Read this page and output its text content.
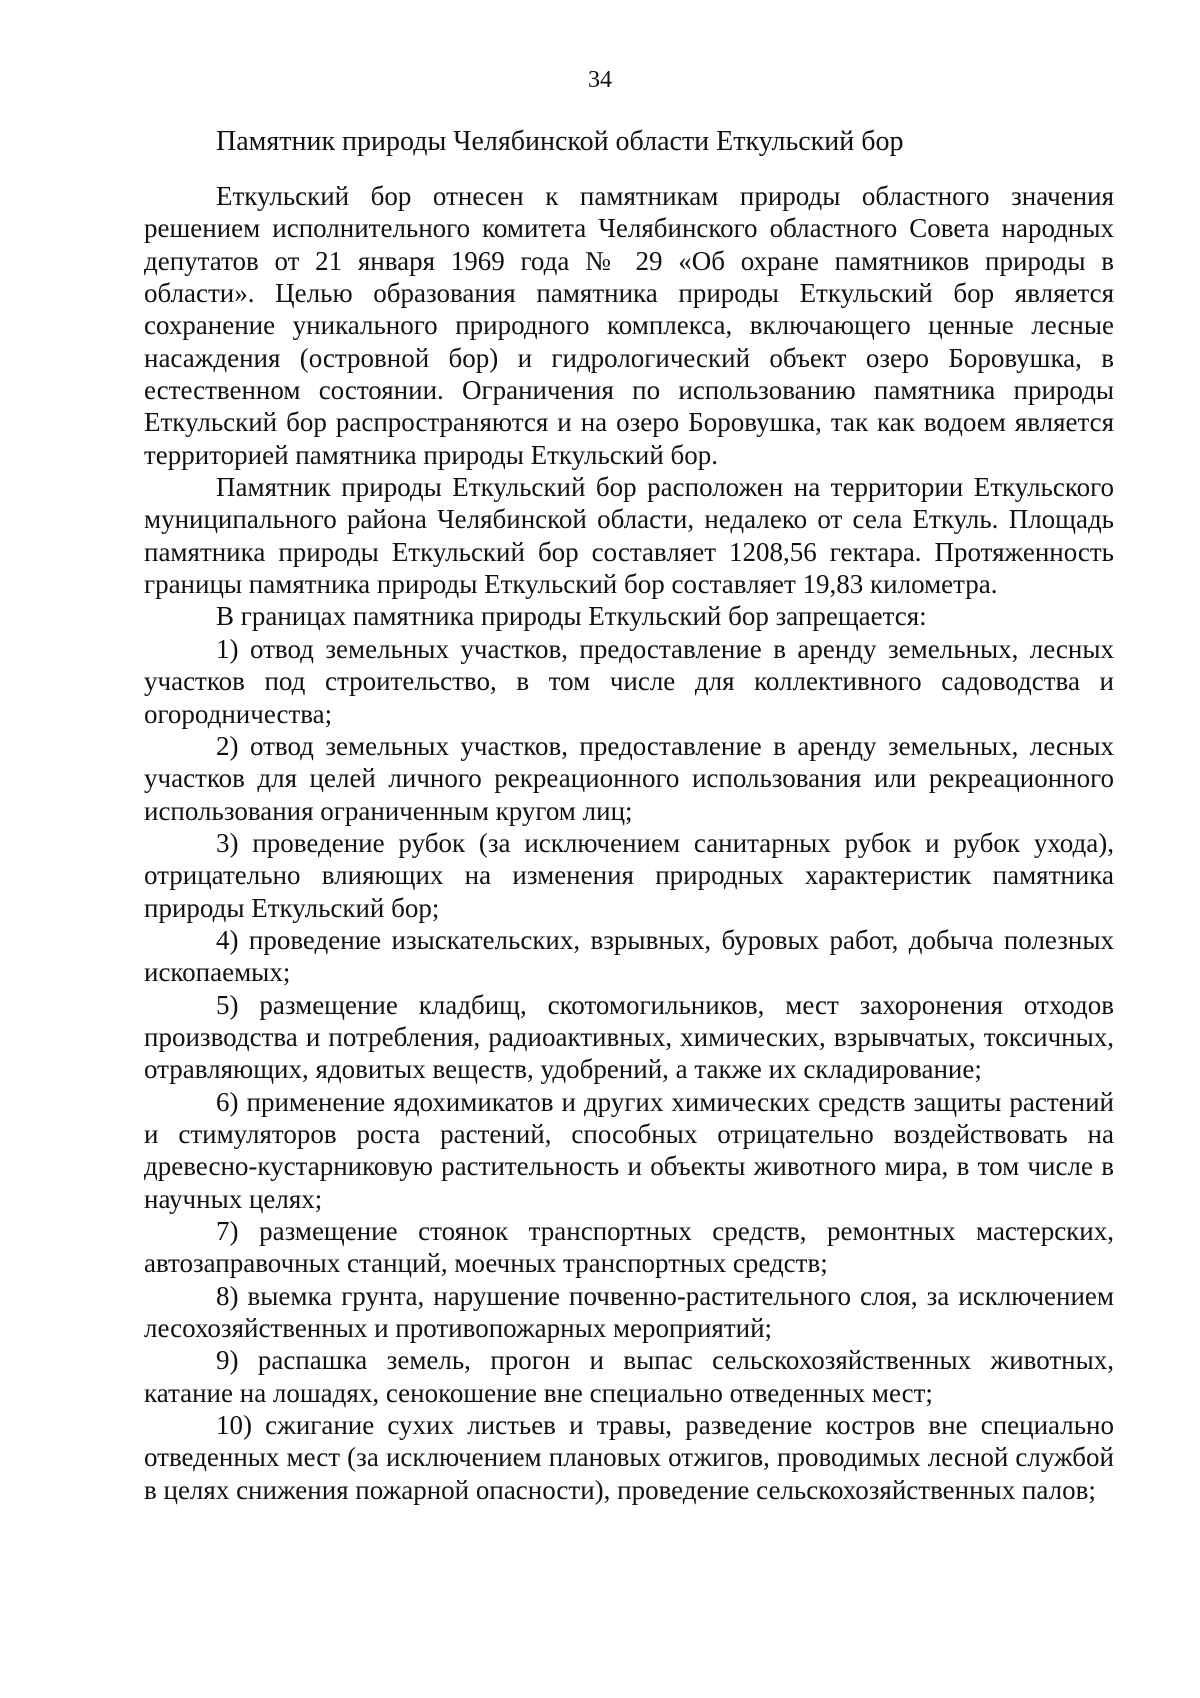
34
Памятник природы Челябинской области Еткульский бор

Еткульский бор отнесен к памятникам природы областного значения решением исполнительного комитета Челябинского областного Совета народных депутатов от 21 января 1969 года № 29 «Об охране памятников природы в области». Целью образования памятника природы Еткульский бор является сохранение уникального природного комплекса, включающего ценные лесные насаждения (островной бор) и гидрологический объект озеро Боровушка, в естественном состоянии. Ограничения по использованию памятника природы Еткульский бор распространяются и на озеро Боровушка, так как водоем является территорией памятника природы Еткульский бор.

Памятник природы Еткульский бор расположен на территории Еткульского муниципального района Челябинской области, недалеко от села Еткуль. Площадь памятника природы Еткульский бор составляет 1208,56 гектара. Протяженность границы памятника природы Еткульский бор составляет 19,83 километра.

В границах памятника природы Еткульский бор запрещается:

1) отвод земельных участков, предоставление в аренду земельных, лесных участков под строительство, в том числе для коллективного садоводства и огородничества;

2) отвод земельных участков, предоставление в аренду земельных, лесных участков для целей личного рекреационного использования или рекреационного использования ограниченным кругом лиц;

3) проведение рубок (за исключением санитарных рубок и рубок ухода), отрицательно влияющих на изменения природных характеристик памятника природы Еткульский бор;

4) проведение изыскательских, взрывных, буровых работ, добыча полезных ископаемых;

5) размещение кладбищ, скотомогильников, мест захоронения отходов производства и потребления, радиоактивных, химических, взрывчатых, токсичных, отравляющих, ядовитых веществ, удобрений, а также их складирование;

6) применение ядохимикатов и других химических средств защиты растений и стимуляторов роста растений, способных отрицательно воздействовать на древесно-кустарниковую растительность и объекты животного мира, в том числе в научных целях;

7) размещение стоянок транспортных средств, ремонтных мастерских, автозаправочных станций, моечных транспортных средств;

8) выемка грунта, нарушение почвенно-растительного слоя, за исключением лесохозяйственных и противопожарных мероприятий;

9) распашка земель, прогон и выпас сельскохозяйственных животных, катание на лошадях, сенокошение вне специально отведенных мест;

10) сжигание сухих листьев и травы, разведение костров вне специально отведенных мест (за исключением плановых отжигов, проводимых лесной службой в целях снижения пожарной опасности), проведение сельскохозяйственных палов;
